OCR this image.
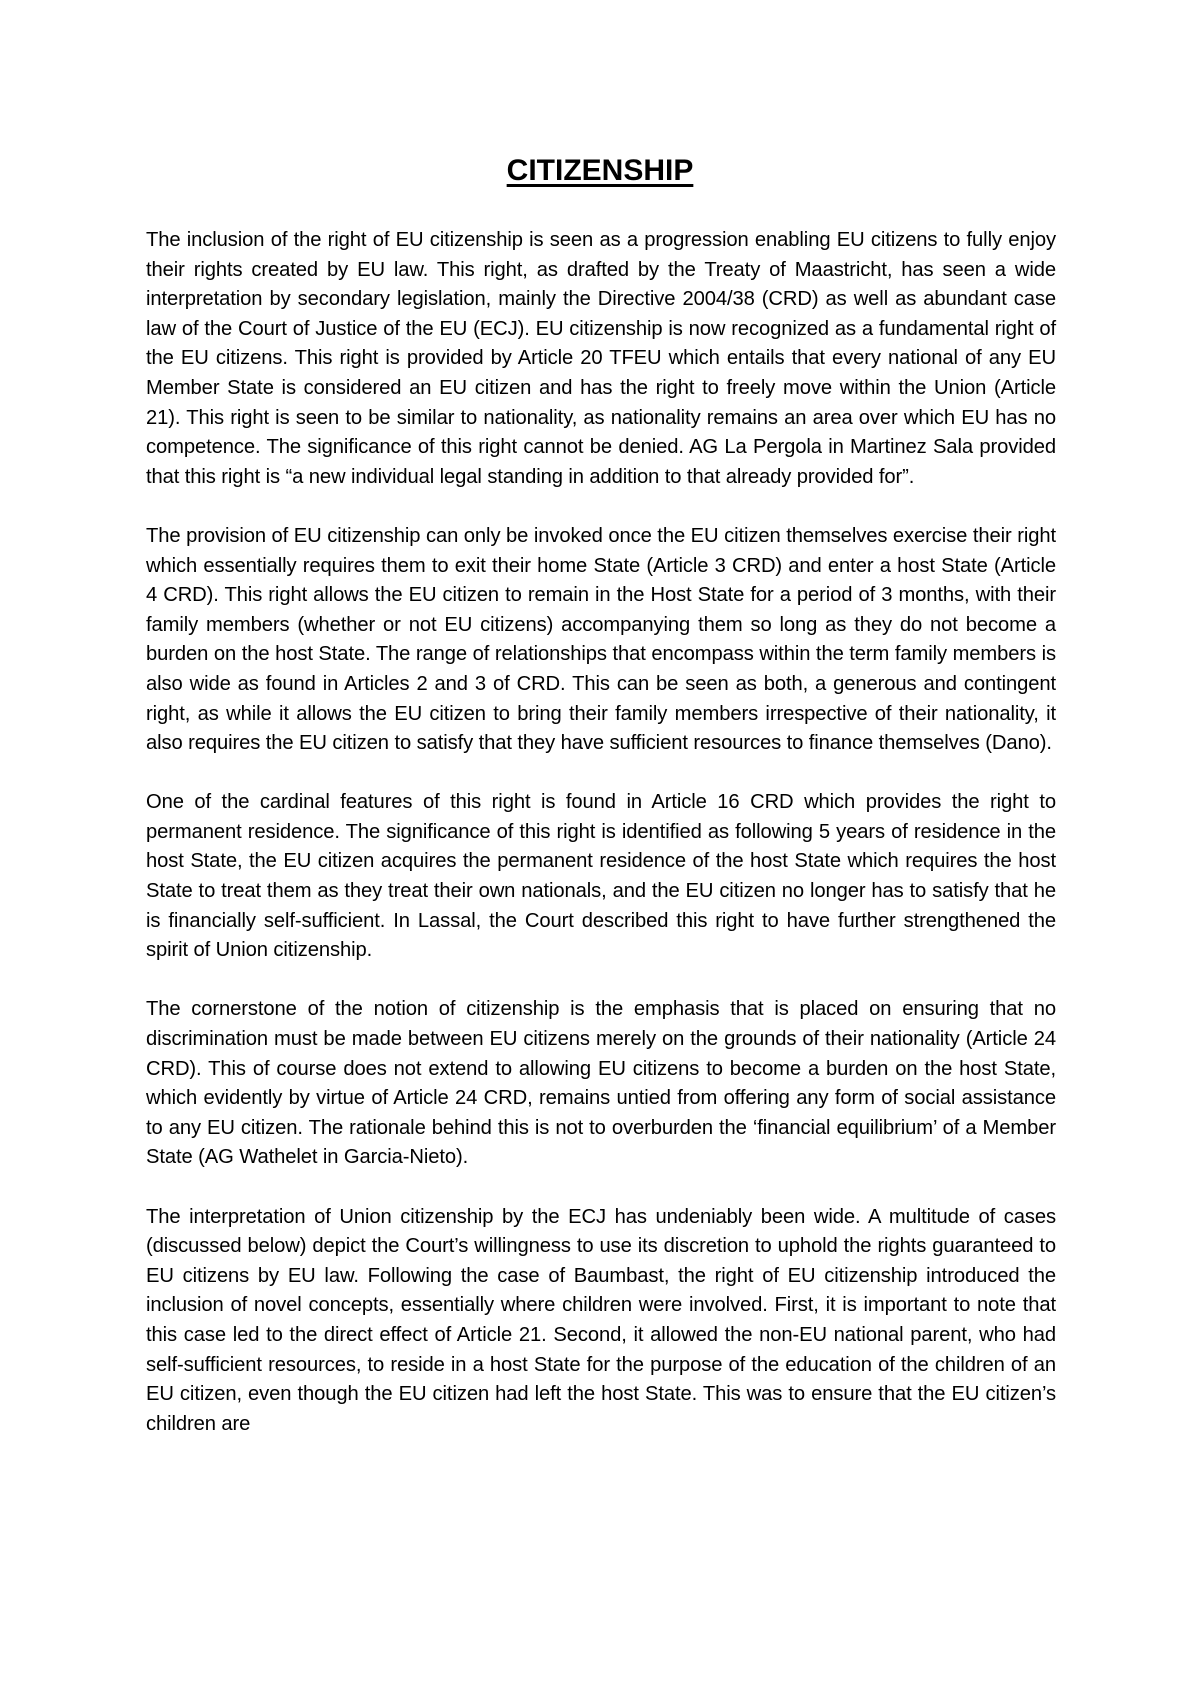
CITIZENSHIP

The inclusion of the right of EU citizenship is seen as a progression enabling EU citizens to fully enjoy their rights created by EU law. This right, as drafted by the Treaty of Maastricht, has seen a wide interpretation by secondary legislation, mainly the Directive 2004/38 (CRD) as well as abundant case law of the Court of Justice of the EU (ECJ). EU citizenship is now recognized as a fundamental right of the EU citizens. This right is provided by Article 20 TFEU which entails that every national of any EU Member State is considered an EU citizen and has the right to freely move within the Union (Article 21). This right is seen to be similar to nationality, as nationality remains an area over which EU has no competence. The significance of this right cannot be denied. AG La Pergola in Martinez Sala provided that this right is “a new individual legal standing in addition to that already provided for”.

The provision of EU citizenship can only be invoked once the EU citizen themselves exercise their right which essentially requires them to exit their home State (Article 3 CRD) and enter a host State (Article 4 CRD). This right allows the EU citizen to remain in the Host State for a period of 3 months, with their family members (whether or not EU citizens) accompanying them so long as they do not become a burden on the host State. The range of relationships that encompass within the term family members is also wide as found in Articles 2 and 3 of CRD. This can be seen as both, a generous and contingent right, as while it allows the EU citizen to bring their family members irrespective of their nationality, it also requires the EU citizen to satisfy that they have sufficient resources to finance themselves (Dano).

One of the cardinal features of this right is found in Article 16 CRD which provides the right to permanent residence. The significance of this right is identified as following 5 years of residence in the host State, the EU citizen acquires the permanent residence of the host State which requires the host State to treat them as they treat their own nationals, and the EU citizen no longer has to satisfy that he is financially self-sufficient. In Lassal, the Court described this right to have further strengthened the spirit of Union citizenship.

The cornerstone of the notion of citizenship is the emphasis that is placed on ensuring that no discrimination must be made between EU citizens merely on the grounds of their nationality (Article 24 CRD). This of course does not extend to allowing EU citizens to become a burden on the host State, which evidently by virtue of Article 24 CRD, remains untied from offering any form of social assistance to any EU citizen. The rationale behind this is not to overburden the ‘financial equilibrium’ of a Member State (AG Wathelet in Garcia-Nieto).

The interpretation of Union citizenship by the ECJ has undeniably been wide. A multitude of cases (discussed below) depict the Court’s willingness to use its discretion to uphold the rights guaranteed to EU citizens by EU law. Following the case of Baumbast, the right of EU citizenship introduced the inclusion of novel concepts, essentially where children were involved. First, it is important to note that this case led to the direct effect of Article 21. Second, it allowed the non-EU national parent, who had self-sufficient resources, to reside in a host State for the purpose of the education of the children of an EU citizen, even though the EU citizen had left the host State. This was to ensure that the EU citizen’s children are
